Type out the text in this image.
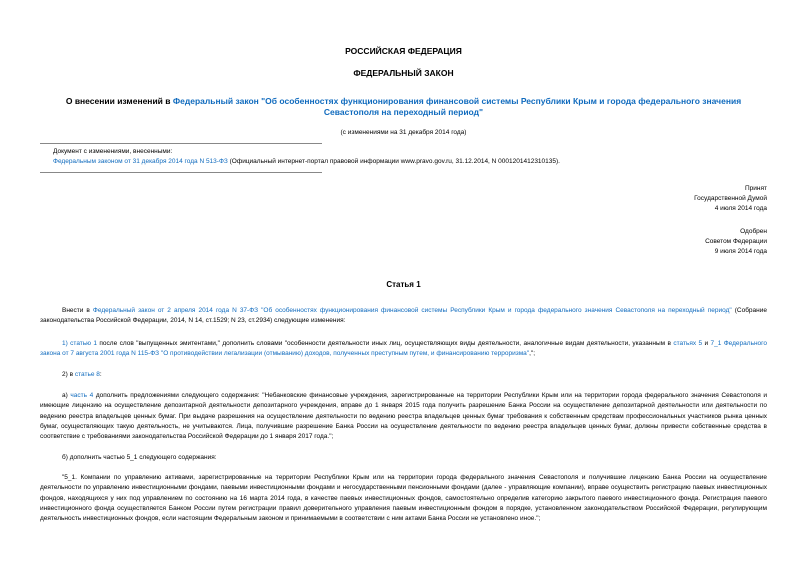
РОССИЙСКАЯ ФЕДЕРАЦИЯ
ФЕДЕРАЛЬНЫЙ ЗАКОН
О внесении изменений в Федеральный закон "Об особенностях функционирования финансовой системы Республики Крым и города федерального значения Севастополя на переходный период"
(с изменениями на 31 декабря 2014 года)
Документ с изменениями, внесенными:
Федеральным законом от 31 декабря 2014 года N 513-ФЗ (Официальный интернет-портал правовой информации www.pravo.gov.ru, 31.12.2014, N 0001201412310135).
Принят
Государственной Думой
4 июля 2014 года
Одобрен
Советом Федерации
9 июля 2014 года
Статья 1
Внести в Федеральный закон от 2 апреля 2014 года N 37-ФЗ "Об особенностях функционирования финансовой системы Республики Крым и города федерального значения Севастополя на переходный период" (Собрание законодательства Российской Федерации, 2014, N 14, ст.1529; N 23, ст.2934) следующие изменения:
1) статью 1 после слов "выпущенных эмитентами," дополнить словами "особенности деятельности иных лиц, осуществляющих виды деятельности, аналогичные видам деятельности, указанным в статьях 5 и 7_1 Федерального закона от 7 августа 2001 года N 115-ФЗ "О противодействии легализации (отмыванию) доходов, полученных преступным путем, и финансированию терроризма",";
2) в статье 8:
а) часть 4 дополнить предложениями следующего содержания: "Небанковские финансовые учреждения, зарегистрированные на территории Республики Крым или на территории города федерального значения Севастополя и имеющие лицензию на осуществление депозитарной деятельности депозитарного учреждения, вправе до 1 января 2015 года получить разрешение Банка России на осуществление депозитарной деятельности или деятельности по ведению реестра владельцев ценных бумаг. При выдаче разрешения на осуществление деятельности по ведению реестра владельцев ценных бумаг требования к собственным средствам профессиональных участников рынка ценных бумаг, осуществляющих такую деятельность, не учитываются. Лица, получившие разрешение Банка России на осуществление деятельности по ведению реестра владельцев ценных бумаг, должны привести собственные средства в соответствие с требованиями законодательства Российской Федерации до 1 января 2017 года.";
б) дополнить частью 5_1 следующего содержания:
"5_1. Компании по управлению активами, зарегистрированные на территории Республики Крым или на территории города федерального значения Севастополя и получившие лицензию Банка России на осуществление деятельности по управлению инвестиционными фондами, паевыми инвестиционными фондами и негосударственными пенсионными фондами (далее - управляющие компании), вправе осуществить регистрацию паевых инвестиционных фондов, находящихся у них под управлением по состоянию на 16 марта 2014 года, в качестве паевых инвестиционных фондов, самостоятельно определив категорию закрытого паевого инвестиционного фонда. Регистрация паевого инвестиционного фонда осуществляется Банком России путем регистрации правил доверительного управления паевым инвестиционным фондом в порядке, установленном законодательством Российской Федерации, регулирующим деятельность инвестиционных фондов, если настоящим Федеральным законом и принимаемыми в соответствии с ним актами Банка России не установлено иное.";
